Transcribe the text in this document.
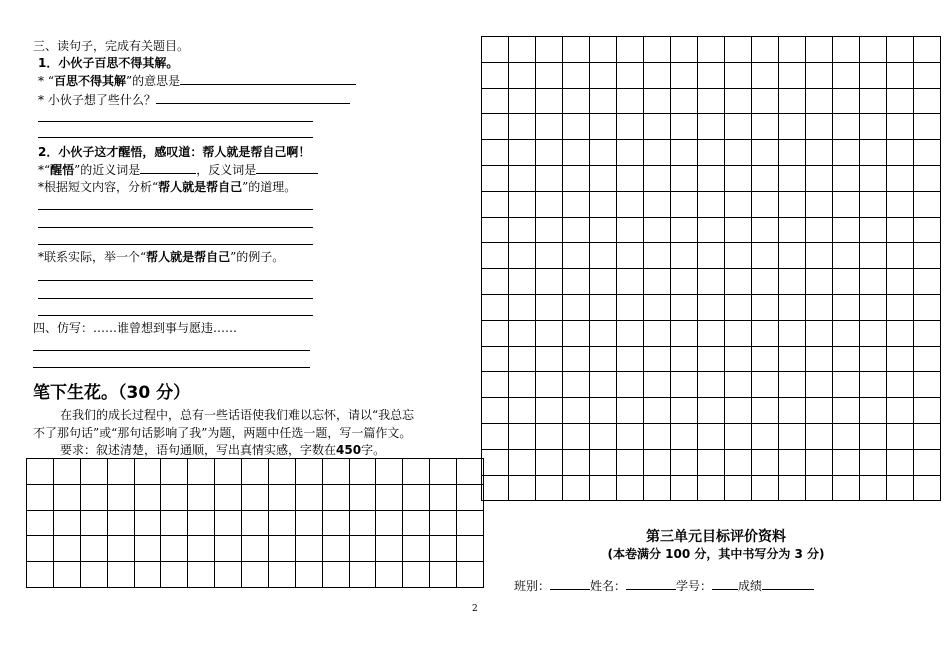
三、读句子，完成有关题目。
1．小伙子百思不得其解。
* “百思不得其解”的意思是
* 小伙子想了些什么？
2．小伙子这才醒悟，感叹道：帮人就是帮自己啊！
*“醒悟”的近义词是	，反义词是
*根据短文内容，分析“帮人就是帮自己”的道理。
*联系实际，举一个“帮人就是帮自己”的例子。
四、仿写：……谁曾想到事与愿违……
笔下生花。（30 分）
在我们的成长过程中，总有一些话语使我们难以忘怀，请以“我总忘
不了那句话”或“那句话影响了我”为题，两题中任选一题，写一篇作文。
要求：叙述清楚，语句通顺，写出真情实感，字数在450字。
2
第三单元目标评价资料
(本卷满分 100 分，其中书写分为 3 分)
班别：	姓名：	学号： 成绩
